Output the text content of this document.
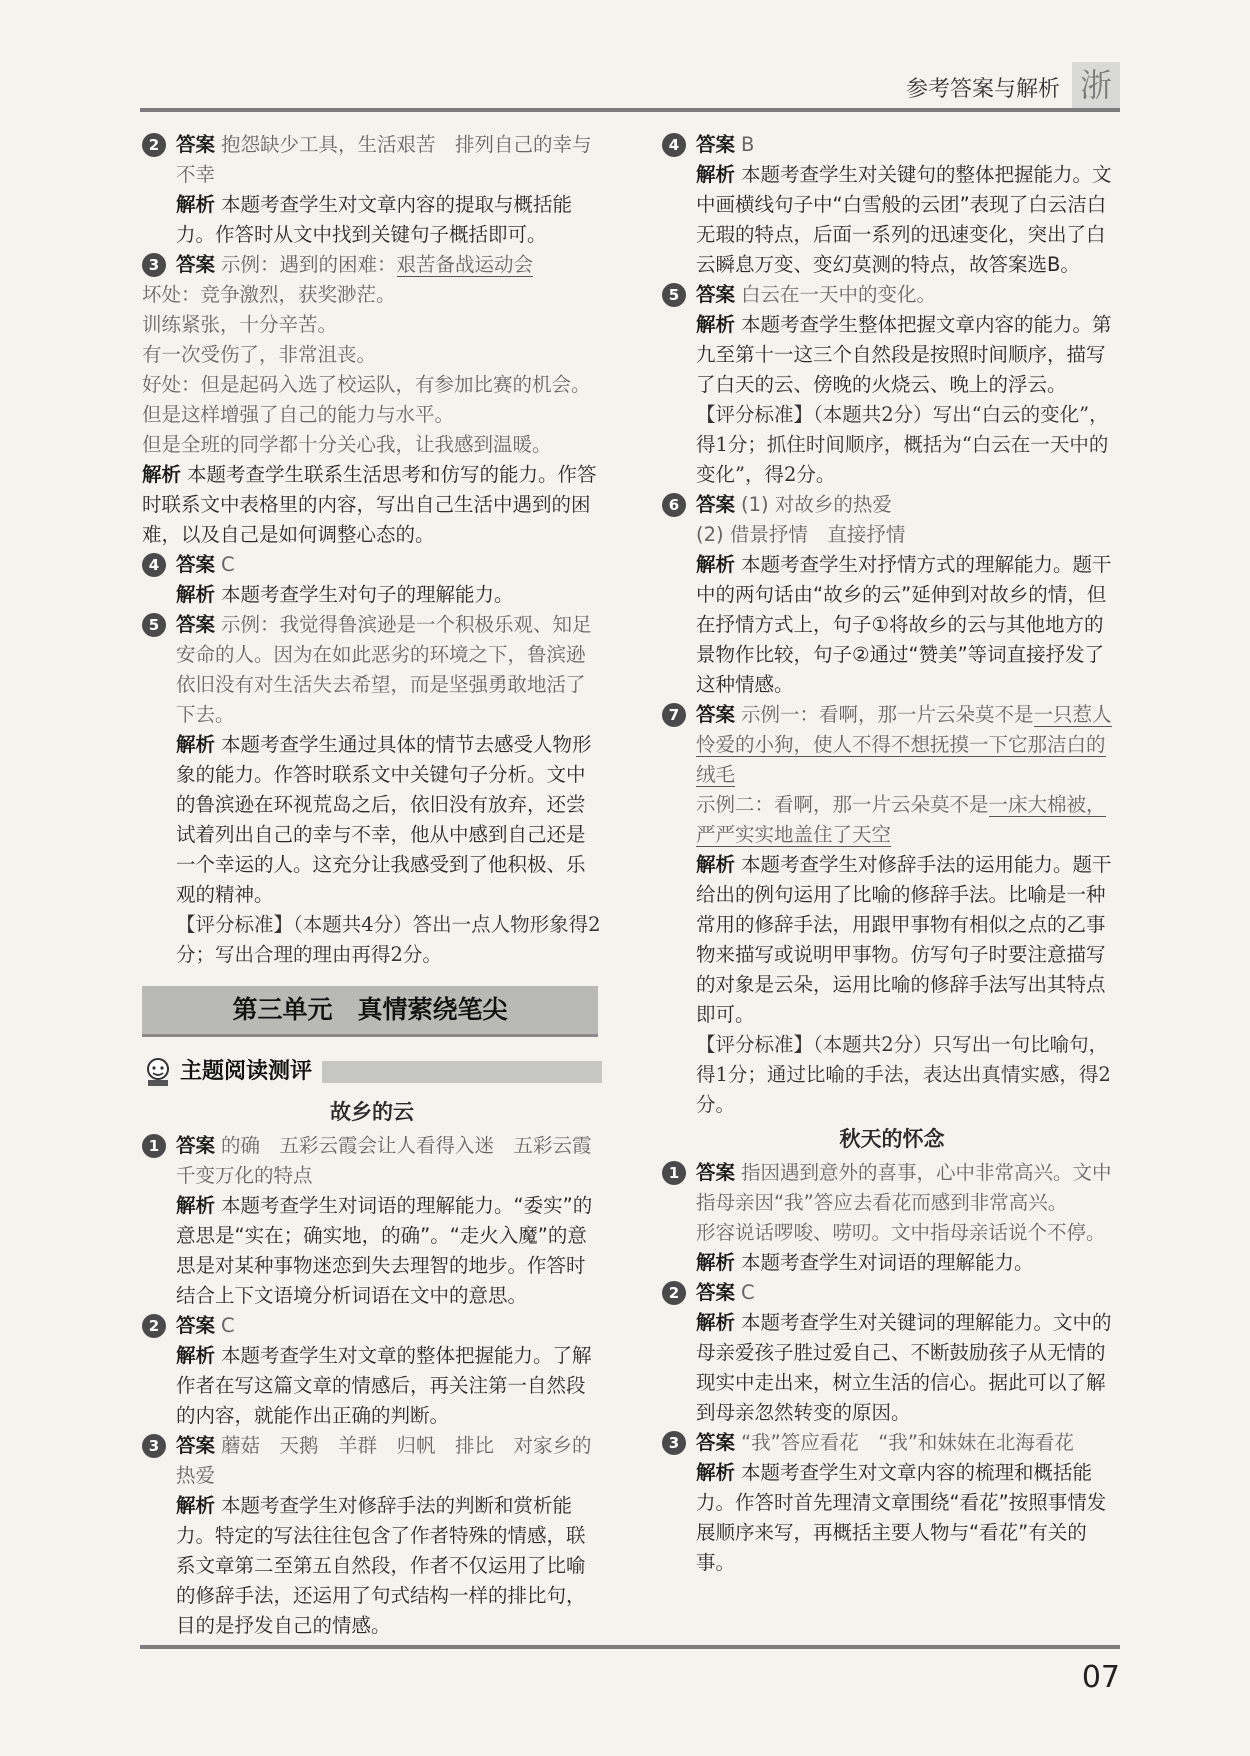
参考答案与解析 浙
2 答案 抱怨缺少工具，生活艰苦　排列自己的幸与不幸
解析 本题考查学生对文章内容的提取与概括能力。作答时从文中找到关键句子概括即可。
3 答案 示例：遇到的困难：艰苦备战运动会
坏处：竞争激烈，获奖渺茫。
训练紧张，十分辛苦。
有一次受伤了，非常沮丧。
好处：但是起码入选了校运队，有参加比赛的机会。
但是这样增强了自己的能力与水平。
但是全班的同学都十分关心我，让我感到温暖。
解析 本题考查学生联系生活思考和仿写的能力。作答时联系文中表格里的内容，写出自己生活中遇到的困难，以及自己是如何调整心态的。
4 答案 C
解析 本题考查学生对句子的理解能力。
5 答案 示例：我觉得鲁滨逊是一个积极乐观、知足安命的人。因为在如此恶劣的环境之下，鲁滨逊依旧没有对生活失去希望，而是坚强勇敢地活了下去。
解析 本题考查学生通过具体的情节去感受人物形象的能力。作答时联系文中关键句子分析。文中的鲁滨逊在环视荒岛之后，依旧没有放弃，还尝试着列出自己的幸与不幸，他从中感到自己还是一个幸运的人。这充分让我感受到了他积极、乐观的精神。
【评分标准】（本题共4分）答出一点人物形象得2分；写出合理的理由再得2分。
第三单元　真情萦绕笔尖
主题阅读测评
故乡的云
1 答案 的确　五彩云霞会让人看得入迷　五彩云霞千变万化的特点
解析 本题考查学生对词语的理解能力。“委实”的意思是“实在；确实地，的确”。“走火入魔”的意思是对某种事物迷恋到失去理智的地步。作答时结合上下文语境分析词语在文中的意思。
2 答案 C
解析 本题考查学生对文章的整体把握能力。了解作者在写这篇文章的情感后，再关注第一自然段的内容，就能作出正确的判断。
3 答案 蘑菇　天鹅　羊群　归帆　排比　对家乡的热爱
解析 本题考查学生对修辞手法的判断和赏析能力。特定的写法往往包含了作者特殊的情感，联系文章第二至第五自然段，作者不仅运用了比喻的修辞手法，还运用了句式结构一样的排比句，目的是抒发自己的情感。
4 答案 B
解析 本题考查学生对关键句的整体把握能力。文中画横线句子中“白雪般的云团”表现了白云洁白无瑕的特点，后面一系列的迅速变化，突出了白云瞬息万变、变幻莫测的特点，故答案选B。
5 答案 白云在一天中的变化。
解析 本题考查学生整体把握文章内容的能力。第九至第十一这三个自然段是按照时间顺序，描写了白天的云、傍晚的火烧云、晚上的浮云。
【评分标准】（本题共2分）写出“白云的变化”，得1分；抓住时间顺序，概括为“白云在一天中的变化”，得2分。
6 答案 (1) 对故乡的热爱
(2) 借景抒情　直接抒情
解析 本题考查学生对抒情方式的理解能力。题干中的两句话由“故乡的云”延伸到对故乡的情，但在抒情方式上，句子①将故乡的云与其他地方的景物作比较，句子②通过“赞美”等词直接抒发了这种情感。
7 答案 示例一：看啊，那一片云朵莫不是一只惹人怜爱的小狗，使人不得不想抚摸一下它那洁白的绒毛
示例二：看啊，那一片云朵莫不是一床大棉被，严严实实地盖住了天空
解析 本题考查学生对修辞手法的运用能力。题干给出的例句运用了比喻的修辞手法。比喻是一种常用的修辞手法，用跟甲事物有相似之点的乙事物来描写或说明甲事物。仿写句子时要注意描写的对象是云朵，运用比喻的修辞手法写出其特点即可。
【评分标准】（本题共2分）只写出一句比喻句，得1分；通过比喻的手法，表达出真情实感，得2分。
秋天的怀念
1 答案 指因遇到意外的喜事，心中非常高兴。文中指母亲因“我”答应去看花而感到非常高兴。
形容说话啰唆、唠叨。文中指母亲话说个不停。
解析 本题考查学生对词语的理解能力。
2 答案 C
解析 本题考查学生对关键词的理解能力。文中的母亲爱孩子胜过爱自己、不断鼓励孩子从无情的现实中走出来，树立生活的信心。据此可以了解到母亲忽然转变的原因。
3 答案 “我”答应看花　“我”和妹妹在北海看花
解析 本题考查学生对文章内容的梳理和概括能力。作答时首先理清文章围绕“看花”按照事情发展顺序来写，再概括主要人物与“看花”有关的事。
07
